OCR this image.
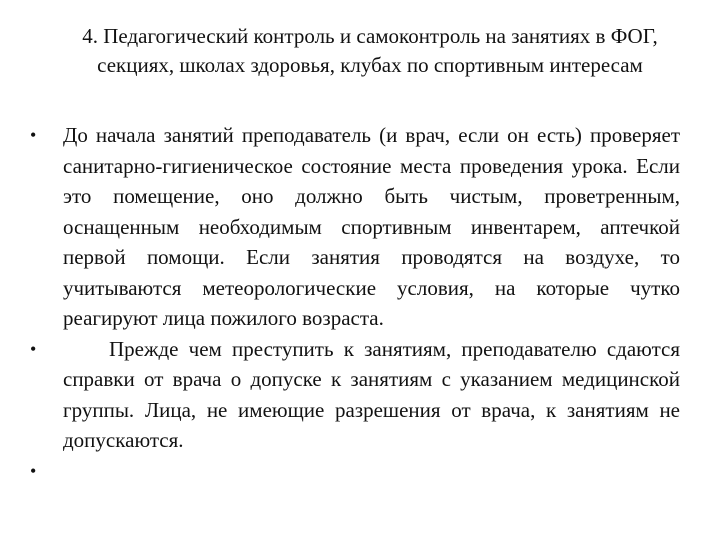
4. Педагогический контроль и самоконтроль на занятиях в ФОГ, секциях, школах здоровья, клубах по спортивным интересам
• До начала занятий преподаватель (и врач, если он есть) проверяет санитарно-гигиеническое состояние места проведения урока. Если это помещение, оно должно быть чистым, проветренным, оснащенным необходимым спортивным инвентарем, аптечкой первой помощи. Если занятия проводятся на воздухе, то учитываются метеорологические условия, на которые чутко реагируют лица пожилого возраста.
•	Прежде чем преступить к занятиям, преподавателю сдаются справки от врача о допуске к занятиям с указанием медицинской группы. Лица, не имеющие разрешения от врача, к занятиям не допускаются.
•
